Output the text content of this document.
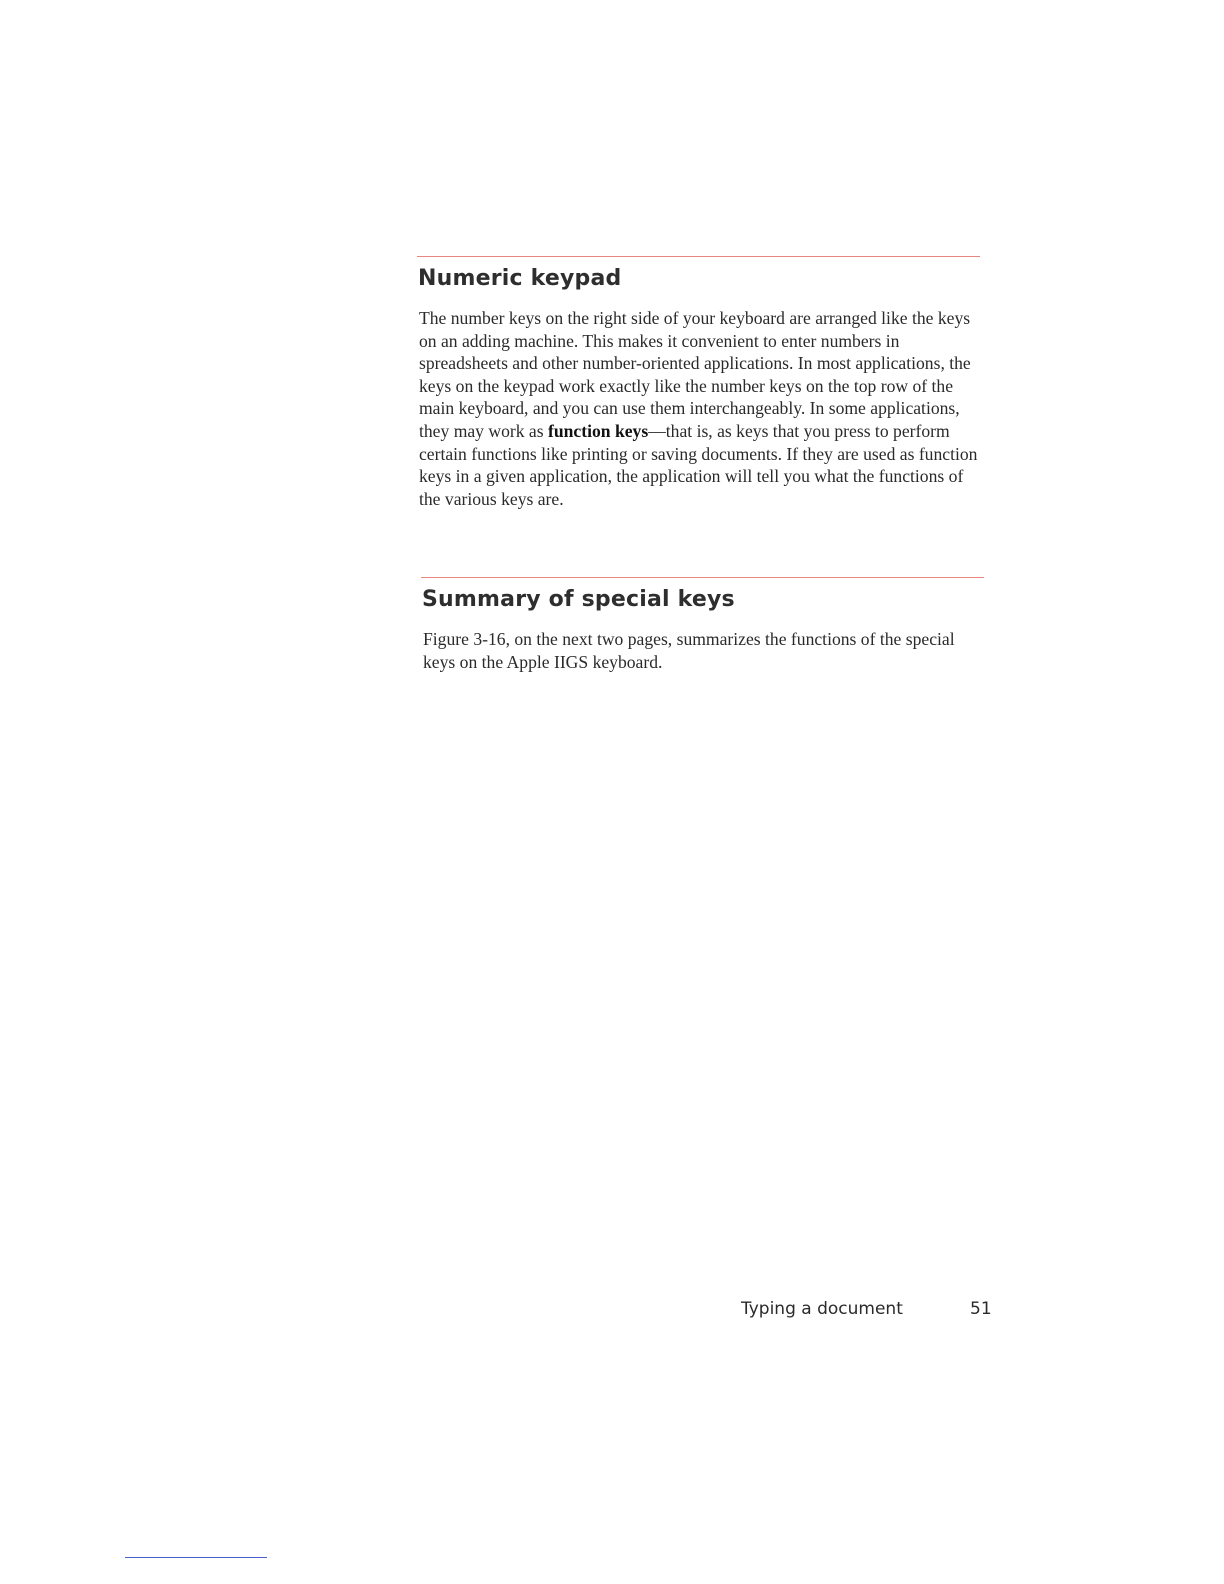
Numeric keypad

The number keys on the right side of your keyboard are arranged like the keys on an adding machine. This makes it convenient to enter numbers in spreadsheets and other number-oriented applications. In most applications, the keys on the keypad work exactly like the number keys on the top row of the main keyboard, and you can use them interchangeably. In some applications, they may work as function keys—that is, as keys that you press to perform certain functions like printing or saving documents. If they are used as function keys in a given application, the application will tell you what the functions of the various keys are.

Summary of special keys

Figure 3-16, on the next two pages, summarizes the functions of the special keys on the Apple IIGS keyboard.

Typing a document	51
